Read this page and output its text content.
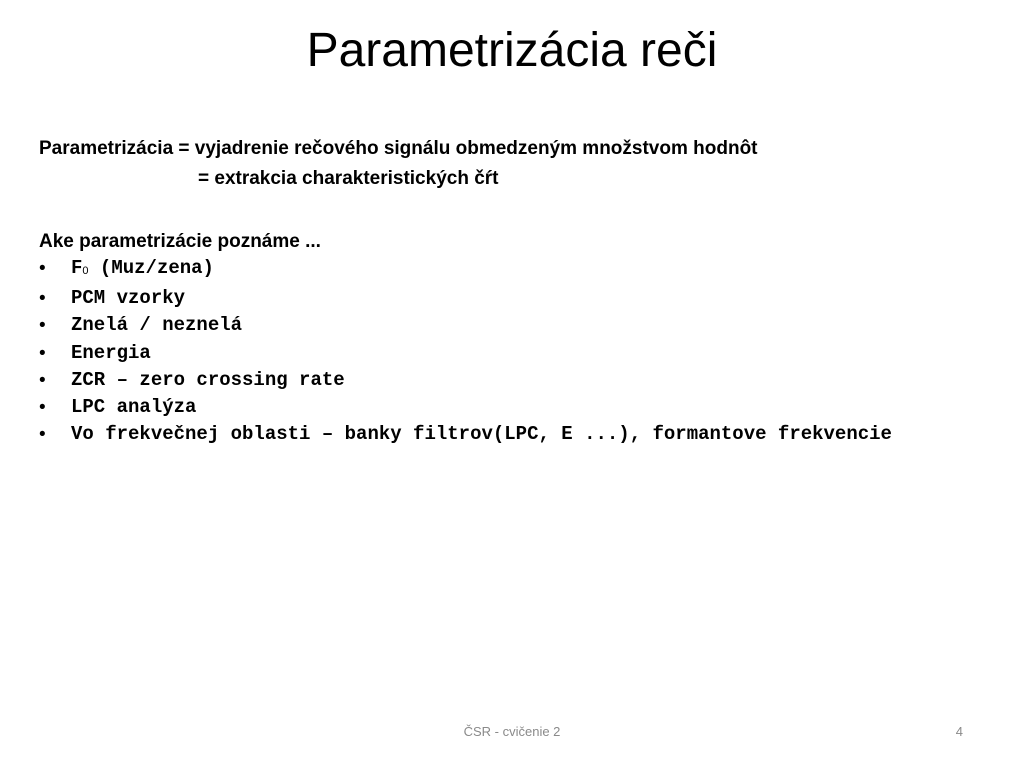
Parametrizácia reči
Parametrizácia = vyjadrenie rečového signálu obmedzeným množstvom hodnôt
= extrakcia charakteristických čŕt
Ake parametrizácie poznáme ...
• F0 (Muz/zena)
• PCM vzorky
• Znelá / neznelá
• Energia
• ZCR – zero crossing rate
• LPC analýza
• Vo frekvečnej oblasti – banky filtrov(LPC, E ...), formantove frekvencie
ČSR - cvičenie 2	4
